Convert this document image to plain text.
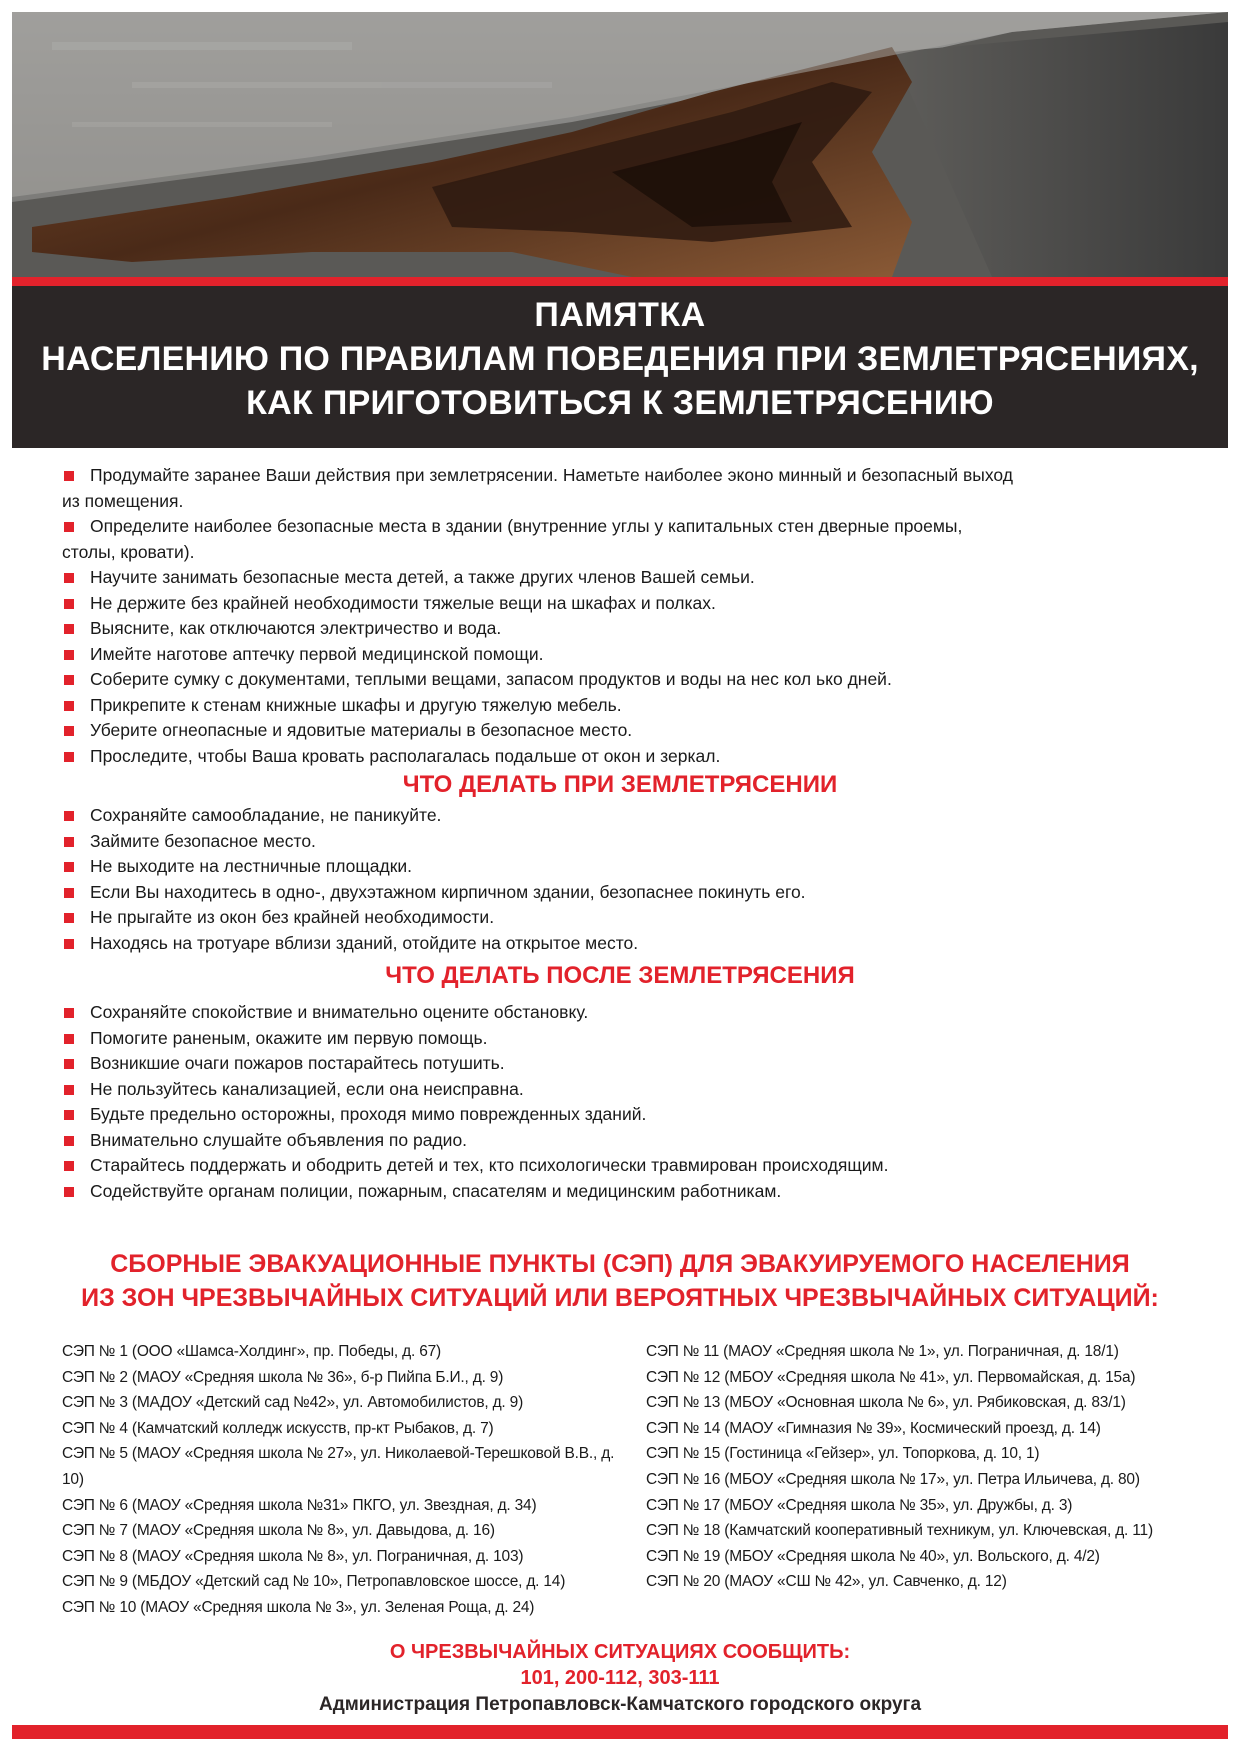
ПАМЯТКА
НАСЕЛЕНИЮ ПО ПРАВИЛАМ ПОВЕДЕНИЯ ПРИ ЗЕМЛЕТРЯСЕНИЯХ,
КАК ПРИГОТОВИТЬСЯ К ЗЕМЛЕТРЯСЕНИЮ
Продумайте заранее Ваши действия при землетрясении. Наметьте наиболее эконо минный и безопасный выход
из помещения.
Определите наиболее безопасные места в здании (внутренние углы у капитальных стен дверные проемы,
столы, кровати).
Научите занимать безопасные места детей, а также других членов Вашей семьи.
Не держите без крайней необходимости тяжелые вещи на шкафах и полках.
Выясните, как отключаются электричество и вода.
Имейте наготове аптечку первой медицинской помощи.
Соберите сумку с документами, теплыми вещами, запасом продуктов и воды на нес кол ько дней.
Прикрепите к стенам книжные шкафы и другую тяжелую мебель.
Уберите огнеопасные и ядовитые материалы в безопасное место.
Проследите, чтобы Ваша кровать располагалась подальше от окон и зеркал.
ЧТО ДЕЛАТЬ ПРИ ЗЕМЛЕТРЯСЕНИИ
Сохраняйте самообладание, не паникуйте.
Займите безопасное место.
Не выходите на лестничные площадки.
Если Вы находитесь в одно-, двухэтажном кирпичном здании, безопаснее покинуть его.
Не прыгайте из окон без крайней необходимости.
Находясь на тротуаре вблизи зданий, отойдите на открытое место.
ЧТО ДЕЛАТЬ ПОСЛЕ ЗЕМЛЕТРЯСЕНИЯ
Сохраняйте спокойствие и внимательно оцените обстановку.
Помогите раненым, окажите им первую помощь.
Возникшие очаги пожаров постарайтесь потушить.
Не пользуйтесь канализацией, если она неисправна.
Будьте предельно осторожны, проходя мимо поврежденных зданий.
Внимательно слушайте объявления по радио.
Старайтесь поддержать и ободрить детей и тех, кто психологически травмирован происходящим.
Содействуйте органам полиции, пожарным, спасателям и медицинским работникам.
СБОРНЫЕ ЭВАКУАЦИОННЫЕ ПУНКТЫ (СЭП) ДЛЯ ЭВАКУИРУЕМОГО НАСЕЛЕНИЯ
ИЗ ЗОН ЧРЕЗВЫЧАЙНЫХ СИТУАЦИЙ ИЛИ ВЕРОЯТНЫХ ЧРЕЗВЫЧАЙНЫХ СИТУАЦИЙ:
СЭП № 1 (ООО «Шамса-Холдинг», пр. Победы, д. 67)
СЭП № 2 (МАОУ «Средняя школа № 36», б-р Пийпа Б.И., д. 9)
СЭП № 3 (МАДОУ «Детский сад №42», ул. Автомобилистов, д. 9)
СЭП № 4 (Камчатский колледж искусств, пр-кт Рыбаков, д. 7)
СЭП № 5 (МАОУ «Средняя школа № 27», ул. Николаевой-Терешковой В.В., д. 10)
СЭП № 6 (МАОУ «Средняя школа №31» ПКГО, ул. Звездная, д. 34)
СЭП № 7 (МАОУ «Средняя школа № 8», ул. Давыдова, д. 16)
СЭП № 8 (МАОУ «Средняя школа № 8», ул. Пограничная, д. 103)
СЭП № 9 (МБДОУ «Детский сад № 10», Петропавловское шоссе, д. 14)
СЭП № 10 (МАОУ «Средняя школа № 3», ул. Зеленая Роща, д. 24)
СЭП № 11 (МАОУ «Средняя школа № 1», ул. Пограничная, д. 18/1)
СЭП № 12 (МБОУ «Средняя школа № 41», ул. Первомайская, д. 15а)
СЭП № 13 (МБОУ «Основная школа № 6», ул. Рябиковская, д. 83/1)
СЭП № 14 (МАОУ «Гимназия № 39», Космический проезд, д. 14)
СЭП № 15 (Гостиница «Гейзер», ул. Топоркова, д. 10, 1)
СЭП № 16 (МБОУ «Средняя школа № 17», ул. Петра Ильичева, д. 80)
СЭП № 17 (МБОУ «Средняя школа № 35», ул. Дружбы, д. 3)
СЭП № 18 (Камчатский кооперативный техникум, ул. Ключевская, д. 11)
СЭП № 19 (МБОУ «Средняя школа № 40», ул. Вольского, д. 4/2)
СЭП № 20 (МАОУ «СШ № 42», ул. Савченко, д. 12)
О ЧРЕЗВЫЧАЙНЫХ СИТУАЦИЯХ СООБЩИТЬ:
101, 200-112, 303-111
Администрация Петропавловск-Камчатского городского округа
